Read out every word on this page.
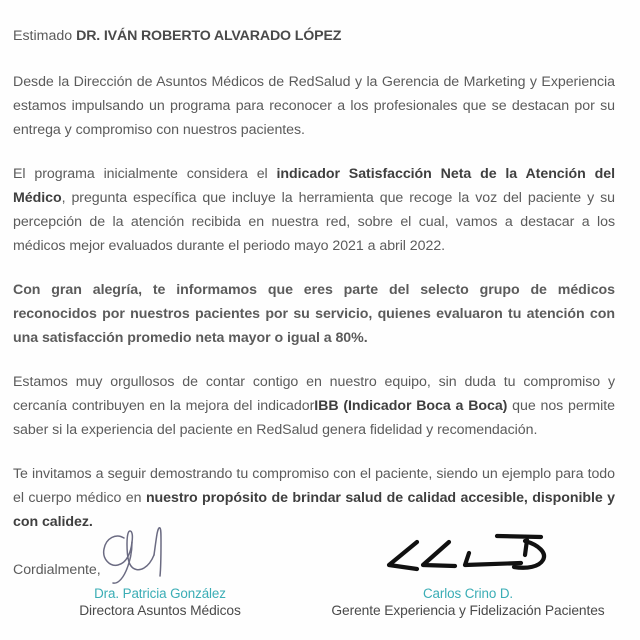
Estimado DR. IVÁN ROBERTO ALVARADO LÓPEZ

Desde la Dirección de Asuntos Médicos de RedSalud y la Gerencia de Marketing y Experiencia estamos impulsando un programa para reconocer a los profesionales que se destacan por su entrega y compromiso con nuestros pacientes.

El programa inicialmente considera el indicador Satisfacción Neta de la Atención del Médico, pregunta específica que incluye la herramienta que recoge la voz del paciente y su percepción de la atención recibida en nuestra red, sobre el cual, vamos a destacar a los médicos mejor evaluados durante el periodo mayo 2021 a abril 2022.

Con gran alegría, te informamos que eres parte del selecto grupo de médicos reconocidos por nuestros pacientes por su servicio, quienes evaluaron tu atención con una satisfacción promedio neta mayor o igual a 80%.

Estamos muy orgullosos de contar contigo en nuestro equipo, sin duda tu compromiso y cercanía contribuyen en la mejora del indicadorIBB (Indicador Boca a Boca) que nos permite saber si la experiencia del paciente en RedSalud genera fidelidad y recomendación.

Te invitamos a seguir demostrando tu compromiso con el paciente, siendo un ejemplo para todo el cuerpo médico en nuestro propósito de brindar salud de calidad accesible, disponible y con calidez.

Cordialmente,

Dra. Patricia González
Directora Asuntos Médicos
Carlos Crino D.
Gerente Experiencia y Fidelización Pacientes
